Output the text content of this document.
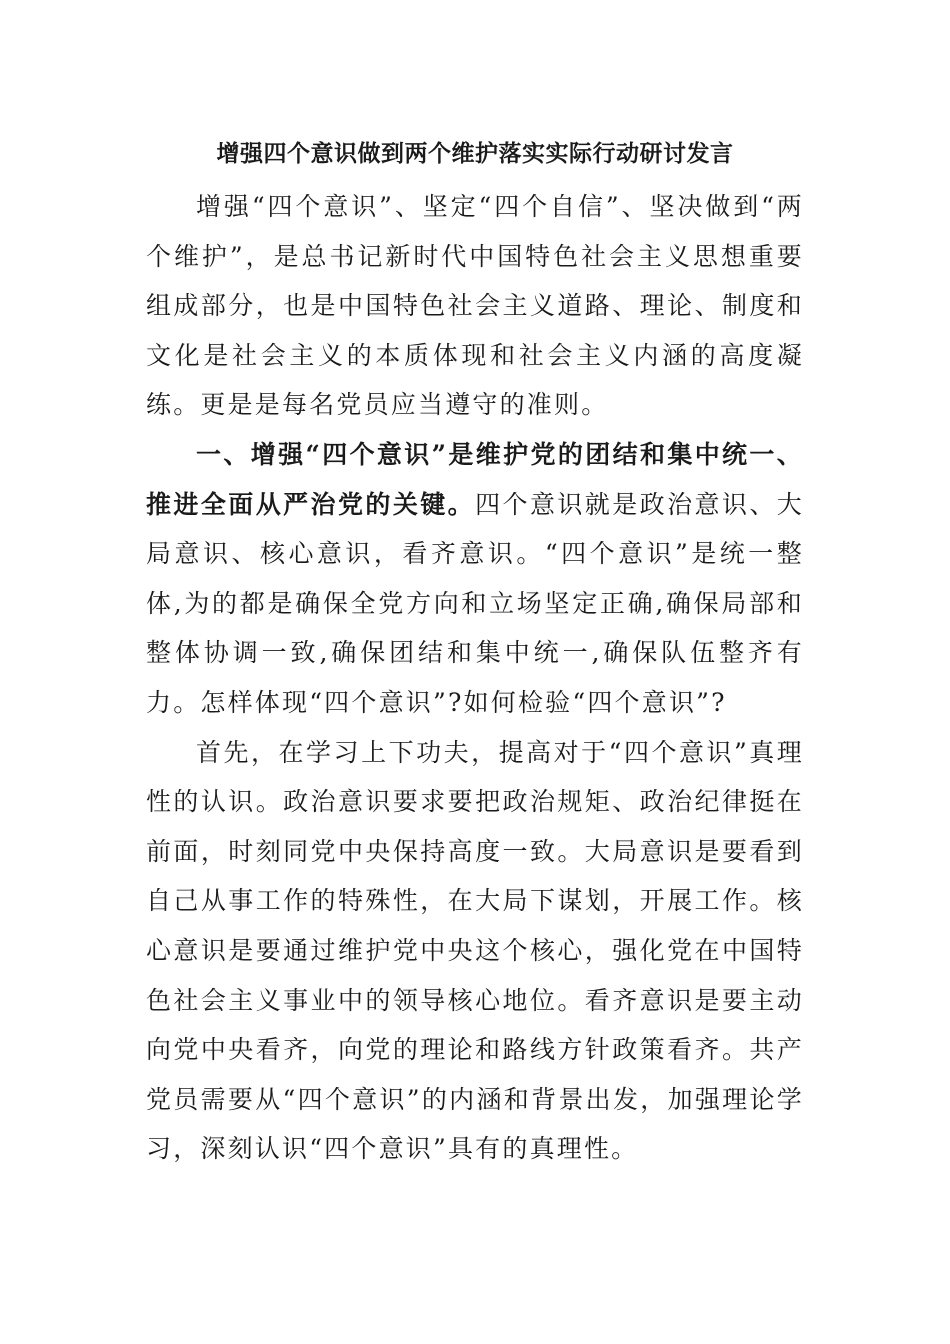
增强四个意识做到两个维护落实实际行动研讨发言

增强“四个意识”、坚定“四个自信”、坚决做到“两个维护”，是总书记新时代中国特色社会主义思想重要组成部分，也是中国特色社会主义道路、理论、制度和文化是社会主义的本质体现和社会主义内涵的高度凝练。更是是每名党员应当遵守的准则。

一、增强“四个意识”是维护党的团结和集中统一、推进全面从严治党的关键。四个意识就是政治意识、大局意识、核心意识，看齐意识。“四个意识”是统一整体,为的都是确保全党方向和立场坚定正确,确保局部和整体协调一致,确保团结和集中统一,确保队伍整齐有力。怎样体现“四个意识”?如何检验“四个意识”?

首先，在学习上下功夫，提高对于“四个意识”真理性的认识。政治意识要求要把政治规矩、政治纪律挺在前面，时刻同党中央保持高度一致。大局意识是要看到自己从事工作的特殊性，在大局下谋划，开展工作。核心意识是要通过维护党中央这个核心，强化党在中国特色社会主义事业中的领导核心地位。看齐意识是要主动向党中央看齐，向党的理论和路线方针政策看齐。共产党员需要从“四个意识”的内涵和背景出发，加强理论学习，深刻认识“四个意识”具有的真理性。
